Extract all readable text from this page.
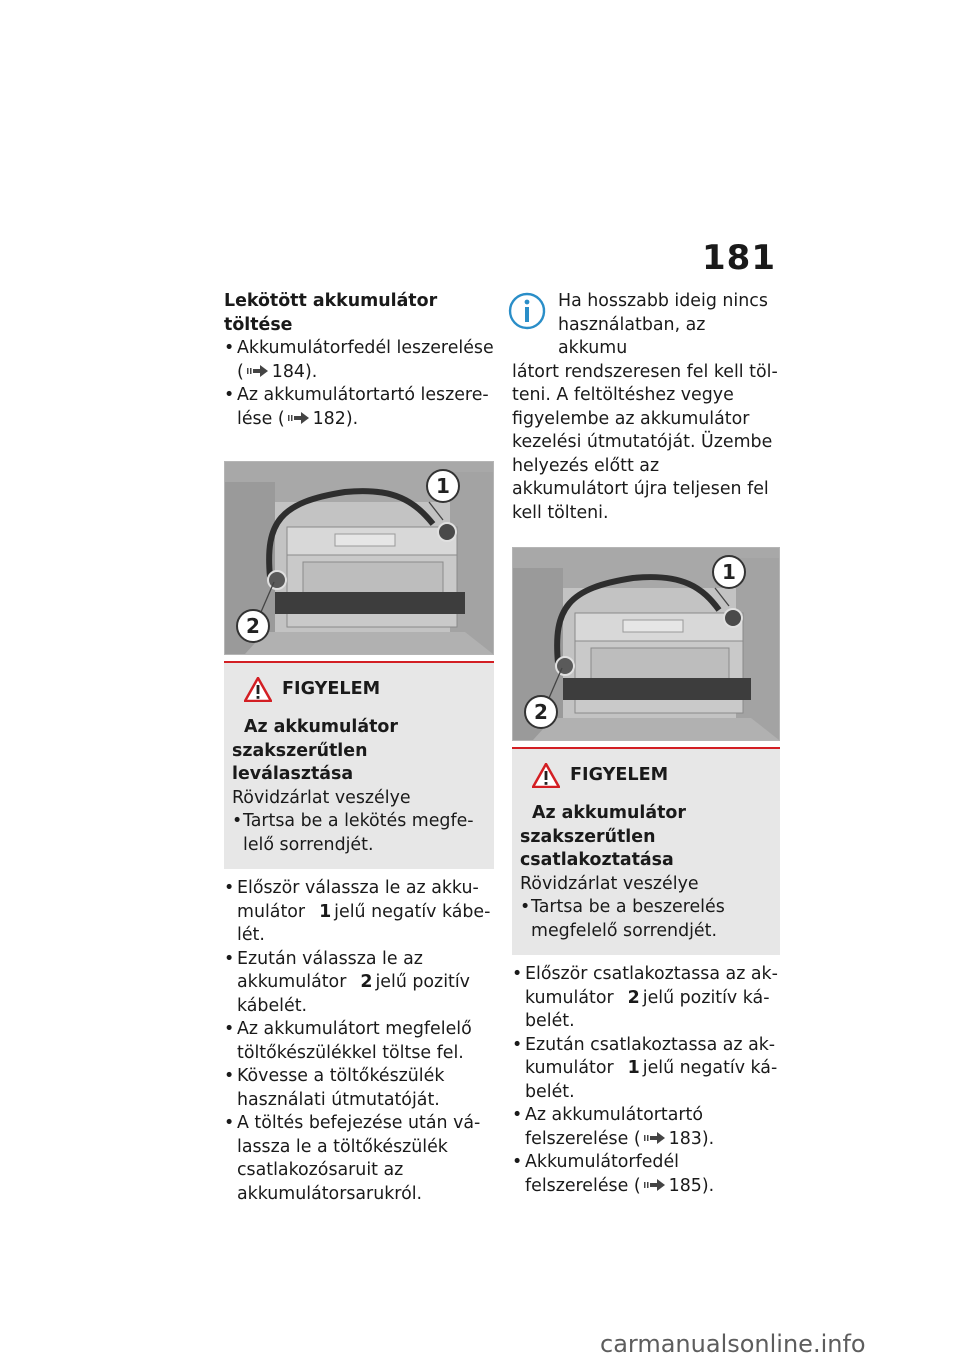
181
Lekötött akkumulátor töltése
• Akkumulátorfedél leszerelése ( 184).
• Az akkumulátortartó leszerelése ( 182).
1
2
FIGYELEM
Az akkumulátor szakszerűtlen leválasztása
Rövidzárlat veszélye
• Tartsa be a lekötés megfelelő sorrendjét.
• Először válassza le az akkumulátor 1 jelű negatív kábelét.
• Ezután válassza le az akkumulátor 2 jelű pozitív kábelét.
• Az akkumulátort megfelelő töltőkészülékkel töltse fel.
• Kövesse a töltőkészülék használati útmutatóját.
• A töltés befejezése után válassza le a töltőkészülék csatlakozósaruit az akkumulátorsarukról.
Ha hosszabb ideig nincs
használatban, az akkumu
látort rendszeresen fel kell tölteni. A feltöltéshez vegye figyelembe az akkumulátor kezelési útmutatóját. Üzembe helyezés előtt az akkumulátort újra teljesen fel kell tölteni.
1
2
FIGYELEM
Az akkumulátor szakszerűtlen csatlakoztatása
Rövidzárlat veszélye
• Tartsa be a beszerelés megfelelő sorrendjét.
• Először csatlakoztassa az akkumulátor 2 jelű pozitív kábelét.
• Ezután csatlakoztassa az akkumulátor 1 jelű negatív kábelét.
• Az akkumulátortartó felszerelése ( 183).
• Akkumulátorfedél felszerelése ( 185).
carmanualsonline.info
